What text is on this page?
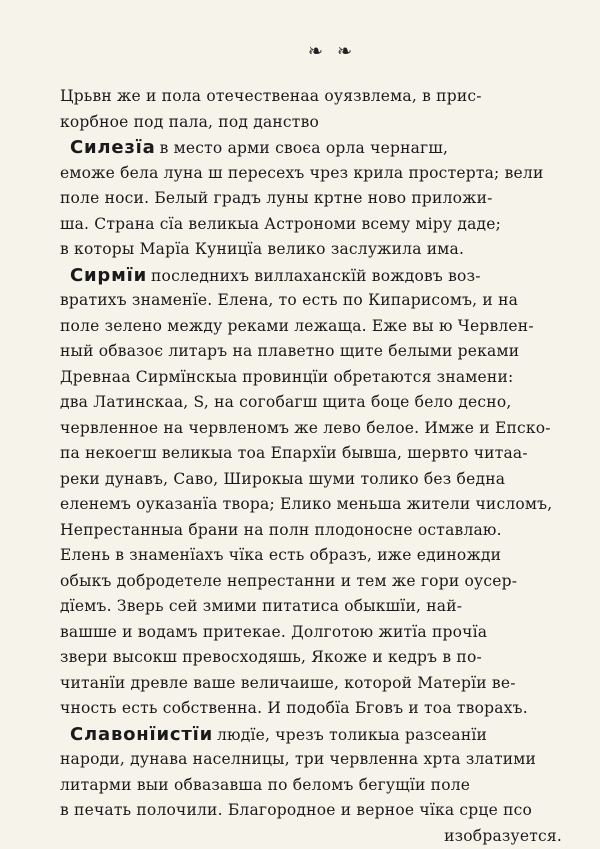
❧ ❧
Црьвн же и пола отечественаа оуязвлема, в прис-
корбное под пала, под данство
Силезїа в место арми своєа орла чернагш,
еможе бела луна ш пересехъ чрез крила простерта; вели
поле носи. Белый градъ луны кртне ново приложи-
ша. Страна сїа великыа Астрономи всему міру даде;
в которы Марїа Куницїа велико заслужила има.
Сирмїи последнихъ виллаханскїй вождовъ воз-
вратихъ знаменїе. Елена, то есть по Кипарисомъ, и на
поле зелено между реками лежаща. Еже вы ю Червлен-
ный обвазоє литаръ на плаветно щите белыми реками
Древнаа Сирмїнскыа провинцїи обретаются знамени:
два Латинскаа, S, на согобагш щита боце бело десно,
червленное на червленомъ же лево белое. Имже и Епско-
па некоегш великыа тоа Епархїи бывша, шервто читаа-
реки дунавъ, Саво, Широкыа шуми толико без бедна
еленемъ оуказанїа твора; Елико меньша жители числомъ,
Непрестанныа брани на полн плодоносне оставлаю.
Елень в знаменїахъ чїка есть образъ, иже единожди
обыкъ добродетеле непрестанни и тем же гори оусер-
дїемъ. Зверь сей змими питатиса обыкшїи, най-
вашше и водамъ притекае. Долготою житїа прочїа
звери высокш превосходяшь, Якоже и кедръ в по-
читанїи древле ваше величаише, которой Матерїи ве-
чность есть собственна. И подобїа Бговъ и тоа творахъ.
Славонїистїи людїе, чрезъ толикыа разсеанїи
народи, дунава населницы, три червленна хрта златими
литарми выи обвазавша по беломъ бегущїи поле
в печать полочили. Благородное и верное чїка срце псо
изобразуется.
